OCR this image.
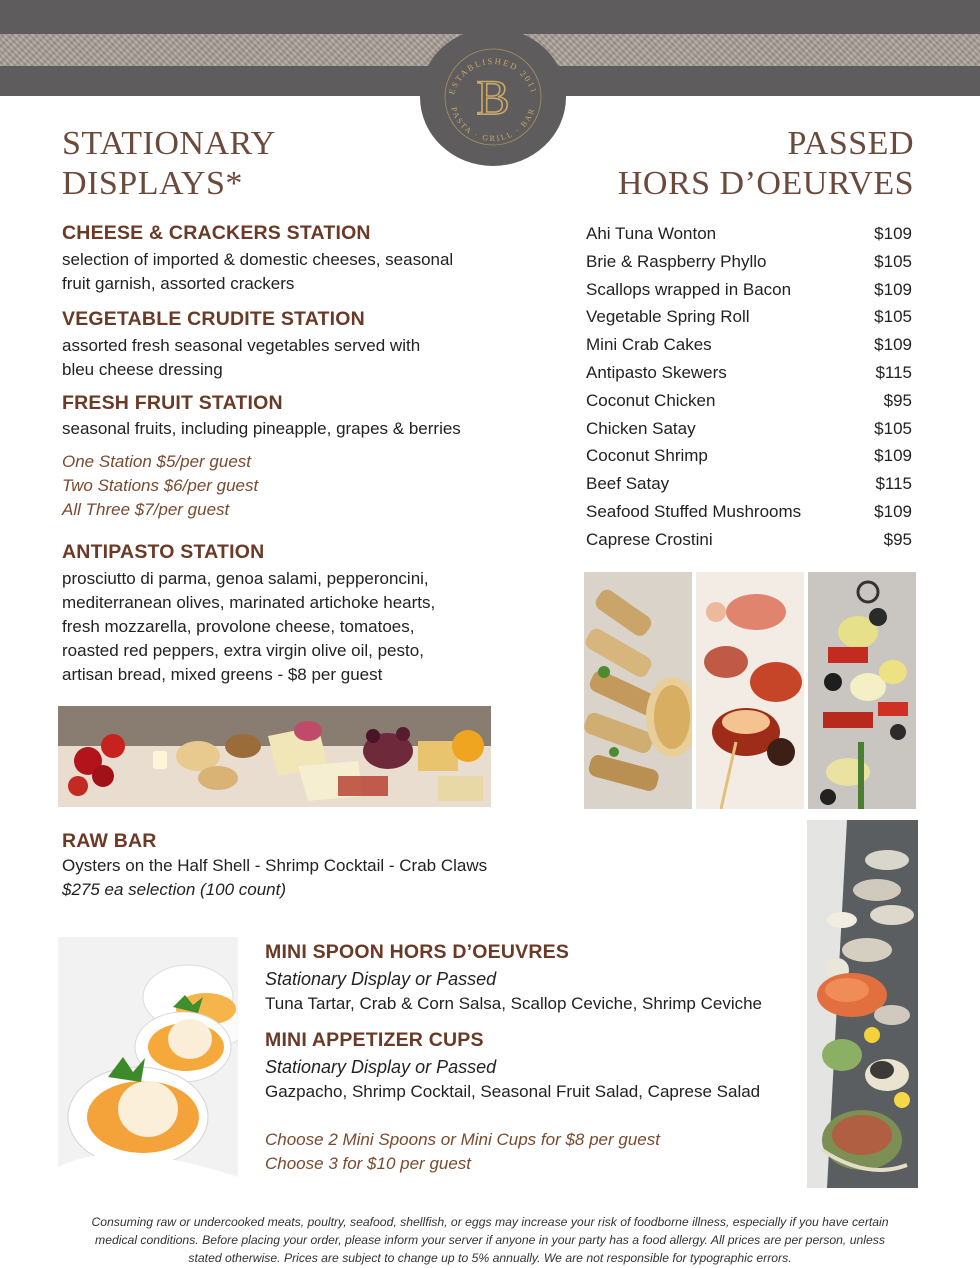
ESTABLISHED 2011
PASTA · GRILL · BAR
B
STATIONARY
DISPLAYS*
PASSED
HORS D’OEURVES
CHEESE & CRACKERS STATION
selection of imported & domestic cheeses, seasonal
fruit garnish, assorted crackers
VEGETABLE CRUDITE STATION
assorted fresh seasonal vegetables served with
bleu cheese dressing
FRESH FRUIT STATION
seasonal fruits, including pineapple, grapes & berries
One Station $5/per guest
Two Stations $6/per guest
All Three $7/per guest
ANTIPASTO STATION
prosciutto di parma, genoa salami, pepperoncini,
mediterranean olives, marinated artichoke hearts,
fresh mozzarella, provolone cheese, tomatoes,
roasted red peppers, extra virgin olive oil, pesto,
artisan bread, mixed greens - $8 per guest
RAW BAR
Oysters on the Half Shell - Shrimp Cocktail - Crab Claws
$275 ea selection (100 count)
MINI SPOON HORS D’OEUVRES
Stationary Display or Passed
Tuna Tartar, Crab & Corn Salsa, Scallop Ceviche, Shrimp Ceviche
MINI APPETIZER CUPS
Stationary Display or Passed
Gazpacho, Shrimp Cocktail, Seasonal Fruit Salad, Caprese Salad
Choose 2 Mini Spoons or Mini Cups for $8 per guest
Choose 3 for $10 per guest
Ahi Tuna Wonton	$109
Brie & Raspberry Phyllo	$105
Scallops wrapped in Bacon	$109
Vegetable Spring Roll	$105
Mini Crab Cakes	$109
Antipasto Skewers	$115
Coconut Chicken	$95
Chicken Satay	$105
Coconut Shrimp	$109
Beef Satay	$115
Seafood Stuffed Mushrooms	$109
Caprese Crostini	$95
Consuming raw or undercooked meats, poultry, seafood, shellfish, or eggs may increase your risk of foodborne illness, especially if you have certain
medical conditions. Before placing your order, please inform your server if anyone in your party has a food allergy. All prices are per person, unless
stated otherwise. Prices are subject to change up to 5% annually. We are not responsible for typographic errors.
